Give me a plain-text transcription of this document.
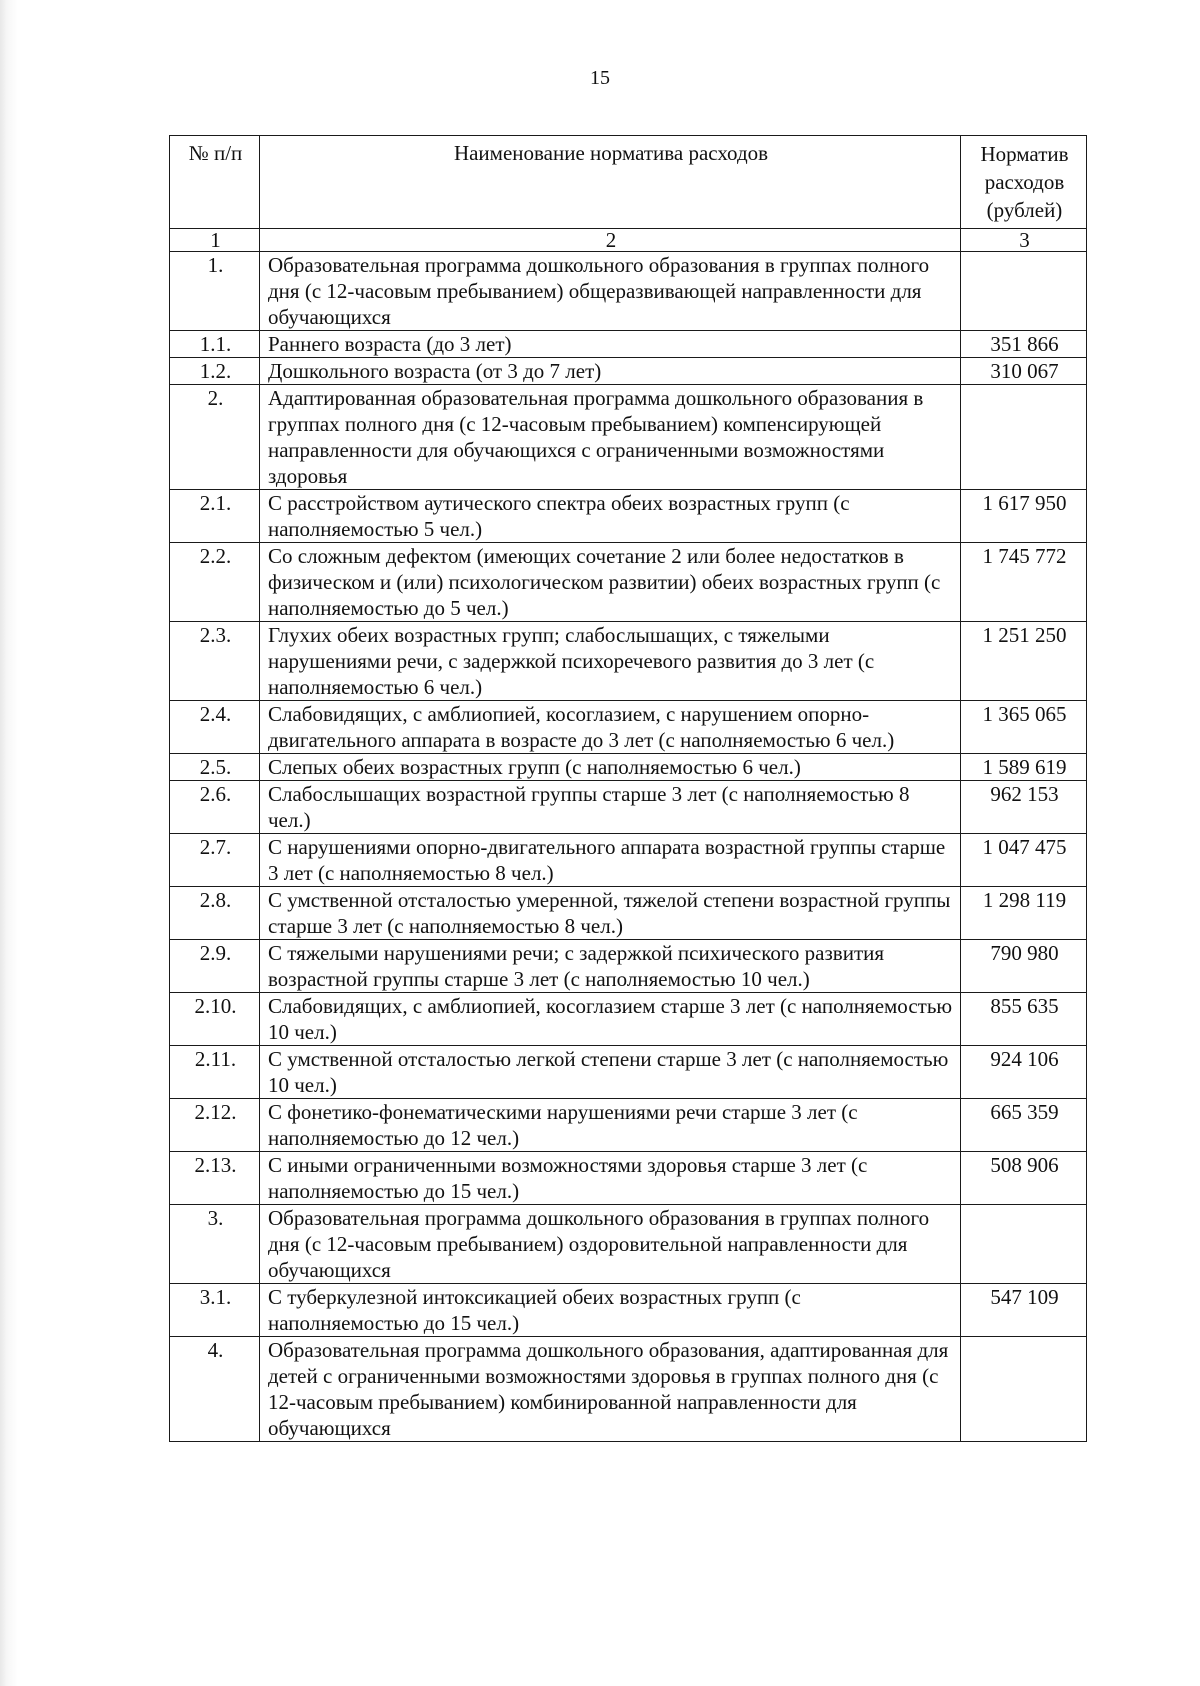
15
№ п/п	Наименование норматива расходов	Норматив расходов (рублей)
1	2	3
1.	Образовательная программа дошкольного образования в группах полного дня (с 12-часовым пребыванием) общеразвивающей направленности для обучающихся	
1.1.	Раннего возраста (до 3 лет)	351 866
1.2.	Дошкольного возраста (от 3 до 7 лет)	310 067
2.	Адаптированная образовательная программа дошкольного образования в группах полного дня (с 12-часовым пребыванием) компенсирующей направленности для обучающихся с ограниченными возможностями здоровья	
2.1.	С расстройством аутического спектра обеих возрастных групп (с наполняемостью 5 чел.)	1 617 950
2.2.	Со сложным дефектом (имеющих сочетание 2 или более недостатков в физическом и (или) психологическом развитии) обеих возрастных групп (с наполняемостью до 5 чел.)	1 745 772
2.3.	Глухих обеих возрастных групп; слабослышащих, с тяжелыми нарушениями речи, с задержкой психоречевого развития до 3 лет (с наполняемостью 6 чел.)	1 251 250
2.4.	Слабовидящих, с амблиопией, косоглазием, с нарушением опорно-двигательного аппарата в возрасте до 3 лет (с наполняемостью 6 чел.)	1 365 065
2.5.	Слепых обеих возрастных групп (с наполняемостью 6 чел.)	1 589 619
2.6.	Слабослышащих возрастной группы старше 3 лет (с наполняемостью 8 чел.)	962 153
2.7.	С нарушениями опорно-двигательного аппарата возрастной группы старше 3 лет (с наполняемостью 8 чел.)	1 047 475
2.8.	С умственной отсталостью умеренной, тяжелой степени возрастной группы старше 3 лет (с наполняемостью 8 чел.)	1 298 119
2.9.	С тяжелыми нарушениями речи; с задержкой психического развития возрастной группы старше 3 лет (с наполняемостью 10 чел.)	790 980
2.10.	Слабовидящих, с амблиопией, косоглазием старше 3 лет (с наполняемостью 10 чел.)	855 635
2.11.	С умственной отсталостью легкой степени старше 3 лет (с наполняемостью 10 чел.)	924 106
2.12.	С фонетико-фонематическими нарушениями речи старше 3 лет (с наполняемостью до 12 чел.)	665 359
2.13.	С иными ограниченными возможностями здоровья старше 3 лет (с наполняемостью до 15 чел.)	508 906
3.	Образовательная программа дошкольного образования в группах полного дня (с 12-часовым пребыванием) оздоровительной направленности для обучающихся	
3.1.	С туберкулезной интоксикацией обеих возрастных групп (с наполняемостью до 15 чел.)	547 109
4.	Образовательная программа дошкольного образования, адаптированная для детей с ограниченными возможностями здоровья в группах полного дня (с 12-часовым пребыванием) комбинированной направленности для обучающихся	
